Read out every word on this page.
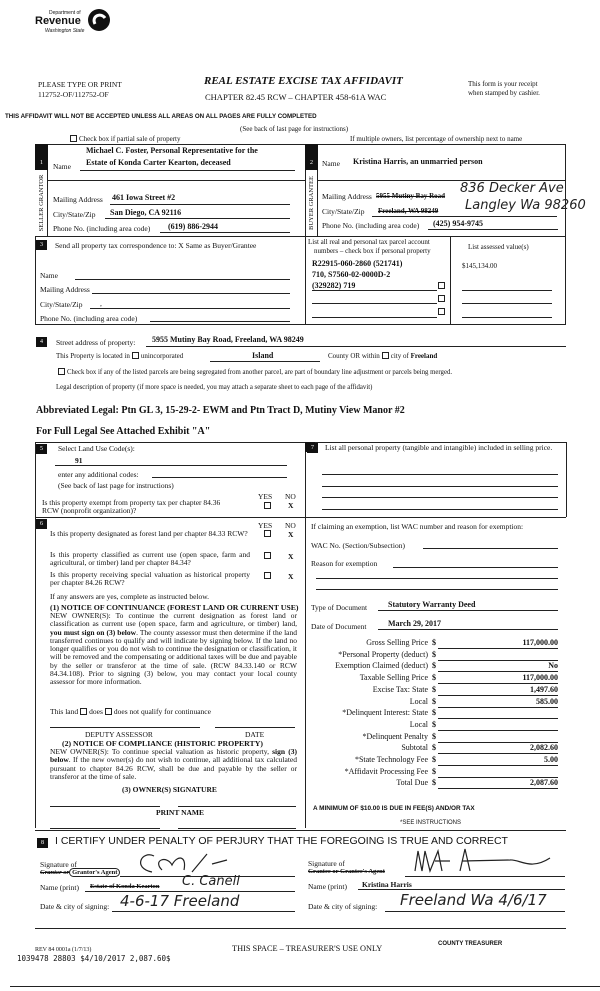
Department of
Revenue
Washington State
PLEASE TYPE OR PRINT
112752-OF/112752-OF
REAL ESTATE EXCISE TAX AFFIDAVIT
CHAPTER 82.45 RCW – CHAPTER 458-61A WAC
This form is your receipt
when stamped by cashier.
THIS AFFIDAVIT WILL NOT BE ACCEPTED UNLESS ALL AREAS ON ALL PAGES ARE FULLY COMPLETED
(See back of last page for instructions)
Check box if partial sale of property	If multiple owners, list percentage of ownership next to name
1	2
SELLER GRANTOR	BUYER GRANTEE
Name
Michael C. Foster, Personal Representative for the
Estate of Konda Carter Kearton, deceased
Mailing Address 461 Iowa Street #2
City/State/Zip San Diego, CA 92116
Phone No. (including area code) (619) 886-2944
Name Kristina Harris, an unmarried person
Mailing Address 5955 Mutiny Bay Road 836 Decker Ave
City/State/Zip Freeland, WA 98249 Langley Wa 98260
Phone No. (including area code) (425) 954-9745
3	Send all property tax correspondence to: X Same as Buyer/Grantee
Name
Mailing Address
City/State/Zip ,
Phone No. (including area code)
List all real and personal tax parcel account
numbers – check box if personal property
R22915-060-2860 (521741)
710, S7560-02-0000D-2
(329282) 719
List assessed value(s)
$145,134.00
4	Street address of property: 5955 Mutiny Bay Road, Freeland, WA 98249
This Property is located in unincorporated	Island	County OR within city of Freeland
Check box if any of the listed parcels are being segregated from another parcel, are part of boundary line adjustment or parcels being merged.
Legal description of property (if more space is needed, you may attach a separate sheet to each page of the affidavit)
Abbreviated Legal: Ptn GL 3, 15-29-2- EWM and Ptn Tract D, Mutiny View Manor #2
For Full Legal See Attached Exhibit "A"
5	Select Land Use Code(s):
91
enter any additional codes:
(See back of last page for instructions)
YES NO
Is this property exempt from property tax per chapter 84.36 RCW (nonprofit organization)?
X
6	YES NO
Is this property designated as forest land per chapter 84.33 RCW?	X
Is this property classified as current use (open space, farm and agricultural, or timber) land per chapter 84.34?
X
Is this property receiving special valuation as historical property per chapter 84.26 RCW?
X
If any answers are yes, complete as instructed below.
(1) NOTICE OF CONTINUANCE (FOREST LAND OR CURRENT USE)
NEW OWNER(S): To continue the current designation as forest land or classification as current use (open space, farm and agriculture, or timber) land, you must sign on (3) below. The county assessor must then determine if the land transferred continues to qualify and will indicate by signing below. If the land no longer qualifies or you do not wish to continue the designation or classification, it will be removed and the compensating or additional taxes will be due and payable by the seller or transferor at the time of sale. (RCW 84.33.140 or RCW 84.34.108). Prior to signing (3) below, you may contact your local county assessor for more information.
This land does does not qualify for continuance
DEPUTY ASSESSOR	DATE
(2) NOTICE OF COMPLIANCE (HISTORIC PROPERTY)
NEW OWNER(S): To continue special valuation as historic property, sign (3) below. If the new owner(s) do not wish to continue, all additional tax calculated pursuant to chapter 84.26 RCW, shall be due and payable by the seller or transferor at the time of sale.
(3) OWNER(S) SIGNATURE
PRINT NAME
7	List all personal property (tangible and intangible) included in selling price.
If claiming an exemption, list WAC number and reason for exemption:
WAC No. (Section/Subsection)
Reason for exemption
Type of Document	Statutory Warranty Deed
Date of Document	March 29, 2017
Gross Selling Price $	117,000.00
*Personal Property (deduct) $
Exemption Claimed (deduct) $	No
Taxable Selling Price $	117,000.00
Excise Tax: State $	1,497.60
Local $	585.00
*Delinquent Interest: State $
Local $
*Delinquent Penalty $
Subtotal $	2,082.60
*State Technology Fee $	5.00
*Affidavit Processing Fee $
Total Due $	2,087.60
A MINIMUM OF $10.00 IS DUE IN FEE(S) AND/OR TAX
*SEE INSTRUCTIONS
8	I CERTIFY UNDER PENALTY OF PERJURY THAT THE FOREGOING IS TRUE AND CORRECT
Signature of
Grantor or Grantor's Agent
Name (print) Estate of Konda Kearton C. Canell
Date & city of signing: 4-6-17 Freeland
Signature of
Grantee or Grantee's Agent
Name (print) Kristina Harris
Date & city of signing: Freeland Wa 4/6/17
REV 84 0001a (1/7/13)
1039478 28803 $4/10/2017 2,087.60$
THIS SPACE – TREASURER'S USE ONLY	COUNTY TREASURER
